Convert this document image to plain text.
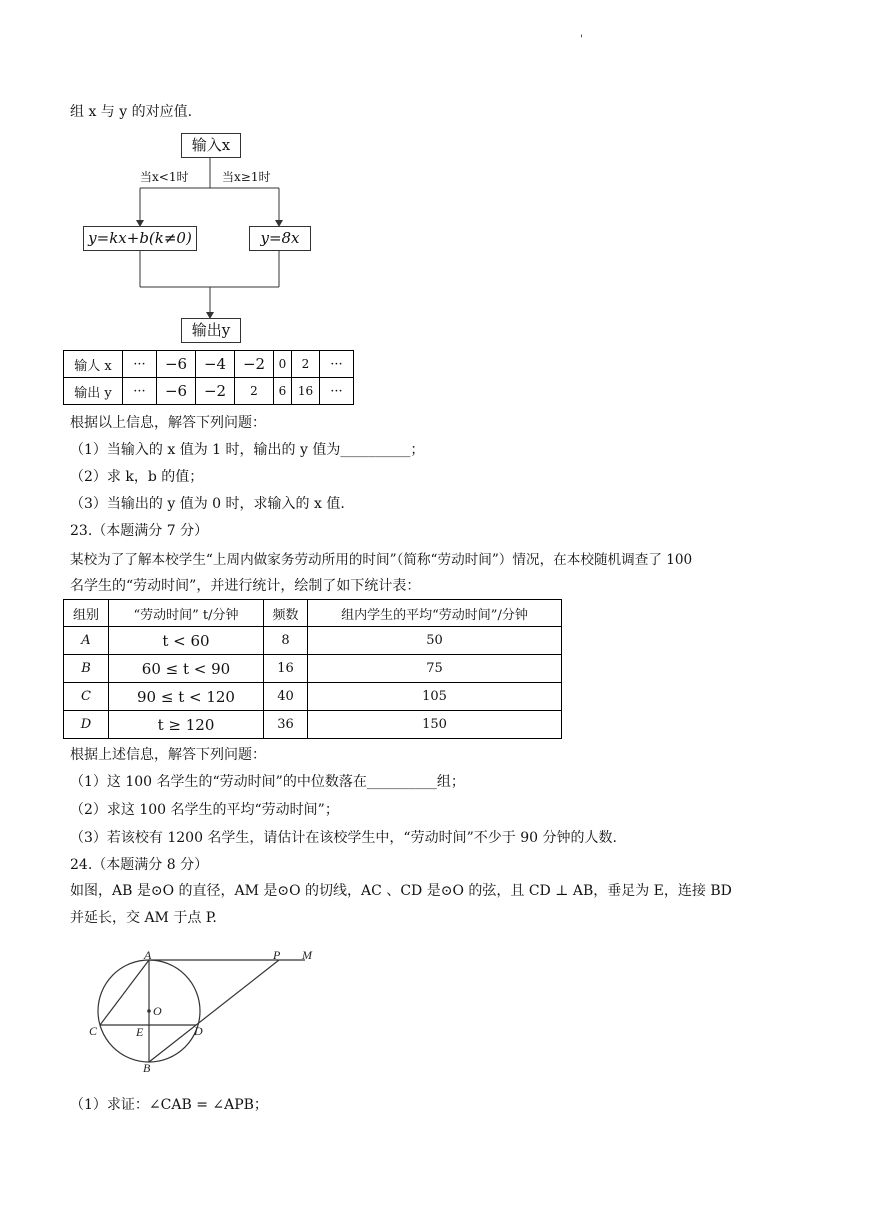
'
组 x 与 y 的对应值.
输入x
当x<1时	当x≥1时
y=kx+b(k≠0)	y=8x
输出y
输人 x	···	−6	−4	−2	0	2	···
输出 y	···	−6	−2	2	6	16	···
根据以上信息，解答下列问题：
（1）当输入的 x 值为 1 时，输出的 y 值为__________；
（2）求 k，b 的值；
（3）当输出的 y 值为 0 时，求输入的 x 值.
23.（本题满分 7 分）
某校为了了解本校学生“上周内做家务劳动所用的时间”（简称“劳动时间”）情况，在本校随机调查了 100
名学生的“劳动时间”，并进行统计，绘制了如下统计表：
组别	“劳动时间” t/分钟	频数	组内学生的平均“劳动时间”/分钟
A	t < 60	8	50
B	60 ≤ t < 90	16	75
C	90 ≤ t < 120	40	105
D	t ≥ 120	36	150
根据上述信息，解答下列问题：
（1）这 100 名学生的“劳动时间”的中位数落在__________组；
（2）求这 100 名学生的平均“劳动时间”；
（3）若该校有 1200 名学生，请估计在该校学生中，“劳动时间”不少于 90 分钟的人数.
24.（本题满分 8 分）
如图，AB 是⊙O 的直径，AM 是⊙O 的切线，AC 、CD 是⊙O 的弦，且 CD ⊥ AB，垂足为 E，连接 BD
并延长，交 AM 于点 P.
A	P M
O
C	E	D
B
（1）求证：∠CAB = ∠APB；
